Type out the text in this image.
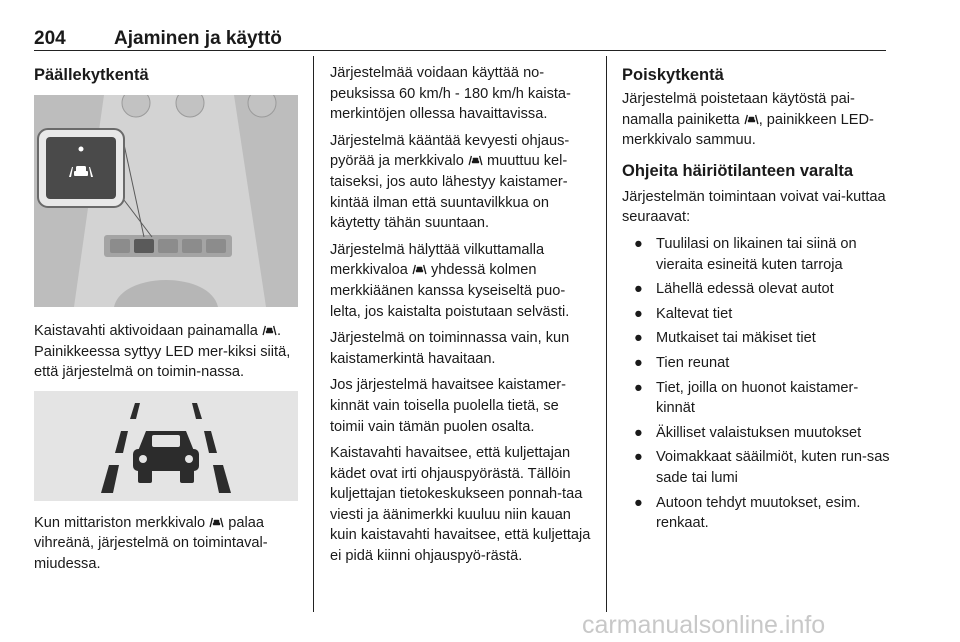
204	Ajaminen ja käyttö
Päällekytkentä

Kaistavahti aktivoidaan painamalla . Painikkeessa syttyy LED mer-kiksi siitä, että järjestelmä on toimin-nassa.

Kun mittariston merkkivalo palaa vihreänä, järjestelmä on toimintaval-miudessa.

Järjestelmää voidaan käyttää no-peuksissa 60 km/h - 180 km/h kaista-merkintöjen ollessa havaittavissa.

Järjestelmä kääntää kevyesti ohjaus-pyörää ja merkkivalo muuttuu kel-taiseksi, jos auto lähestyy kaistamer-kintää ilman että suuntavilkkua on käytetty tähän suuntaan.

Järjestelmä hälyttää vilkuttamalla merkkivaloa yhdessä kolmen merkkiäänen kanssa kyseiseltä puo-lelta, jos kaistalta poistutaan selvästi.

Järjestelmä on toiminnassa vain, kun kaistamerkintä havaitaan.

Jos järjestelmä havaitsee kaistamer-kinnät vain toisella puolella tietä, se toimii vain tämän puolen osalta.

Kaistavahti havaitsee, että kuljettajan kädet ovat irti ohjauspyörästä. Tällöin kuljettajan tietokeskukseen ponnah-taa viesti ja äänimerkki kuuluu niin kauan kuin kaistavahti havaitsee, että kuljettaja ei pidä kiinni ohjauspyö-rästä.

Poiskytkentä

Järjestelmä poistetaan käytöstä pai-namalla painiketta , painikkeen LED-merkkivalo sammuu.

Ohjeita häiriötilanteen varalta

Järjestelmän toimintaan voivat vai-kuttaa seuraavat:

● Tuulilasi on likainen tai siinä on vieraita esineitä kuten tarroja
● Lähellä edessä olevat autot
● Kaltevat tiet
● Mutkaiset tai mäkiset tiet
● Tien reunat
● Tiet, joilla on huonot kaistamer-kinnät
● Äkilliset valaistuksen muutokset
● Voimakkaat sääilmiöt, kuten run-sas sade tai lumi
● Autoon tehdyt muutokset, esim. renkaat.
carmanualsonline.info
